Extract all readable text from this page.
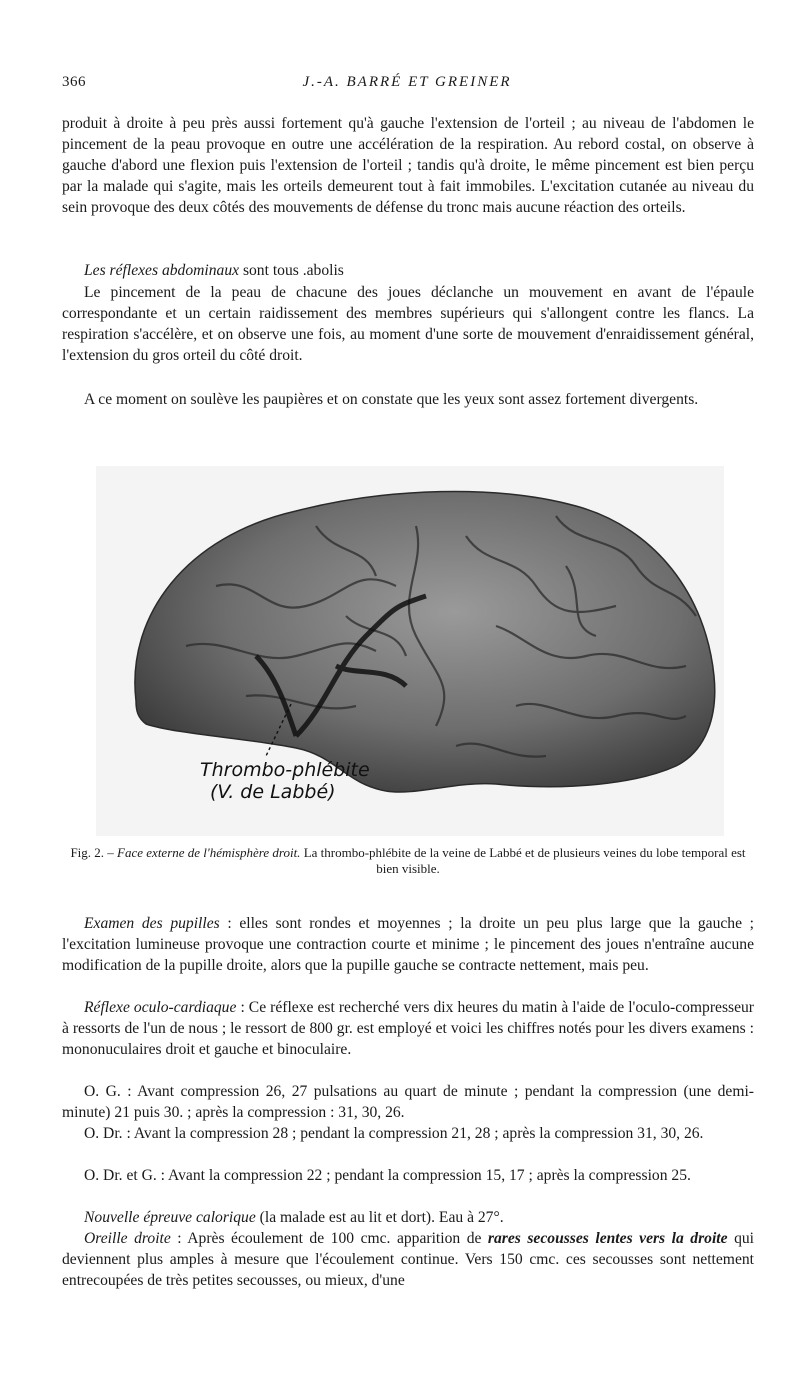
366	J.-A. BARRÉ ET GREINER

produit à droite à peu près aussi fortement qu'à gauche l'extension de l'orteil ; au niveau de l'abdomen le pincement de la peau provoque en outre une accélération de la respiration. Au rebord costal, on observe à gauche d'abord une flexion puis l'extension de l'orteil ; tandis qu'à droite, le même pincement est bien perçu par la malade qui s'agite, mais les orteils demeurent tout à fait immobiles. L'excitation cutanée au niveau du sein provoque des deux côtés des mouvements de défense du tronc mais aucune réaction des orteils.

Les réflexes abdominaux sont tous .abolis

Le pincement de la peau de chacune des joues déclanche un mouvement en avant de l'épaule correspondante et un certain raidissement des membres supérieurs qui s'allongent contre les flancs. La respiration s'accélère, et on observe une fois, au moment d'une sorte de mouvement d'enraidissement général, l'extension du gros orteil du côté droit.

A ce moment on soulève les paupières et on constate que les yeux sont assez fortement divergents.

Thrombo-phlébite
(V. de Labbé)
Fig. 2. – Face externe de l'hémisphère droit. La thrombo-phlébite de la veine de Labbé et de plusieurs veines du lobe temporal est bien visible.

Examen des pupilles : elles sont rondes et moyennes ; la droite un peu plus large que la gauche ; l'excitation lumineuse provoque une contraction courte et minime ; le pincement des joues n'entraîne aucune modification de la pupille droite, alors que la pupille gauche se contracte nettement, mais peu.

Réflexe oculo-cardiaque : Ce réflexe est recherché vers dix heures du matin à l'aide de l'oculo-compresseur à ressorts de l'un de nous ; le ressort de 800 gr. est employé et voici les chiffres notés pour les divers examens : mononuculaires droit et gauche et binoculaire.

O. G. : Avant compression 26, 27 pulsations au quart de minute ; pendant la compression (une demi-minute) 21 puis 30. ; après la compression : 31, 30, 26.

O. Dr. : Avant la compression 28 ; pendant la compression 21, 28 ; après la compression 31, 30, 26.

O. Dr. et G. : Avant la compression 22 ; pendant la compression 15, 17 ; après la compression 25.

Nouvelle épreuve calorique (la malade est au lit et dort). Eau à 27°.

Oreille droite : Après écoulement de 100 cmc. apparition de rares secousses lentes vers la droite qui deviennent plus amples à mesure que l'écoulement continue. Vers 150 cmc. ces secousses sont nettement entrecoupées de très petites secousses, ou mieux, d'une
